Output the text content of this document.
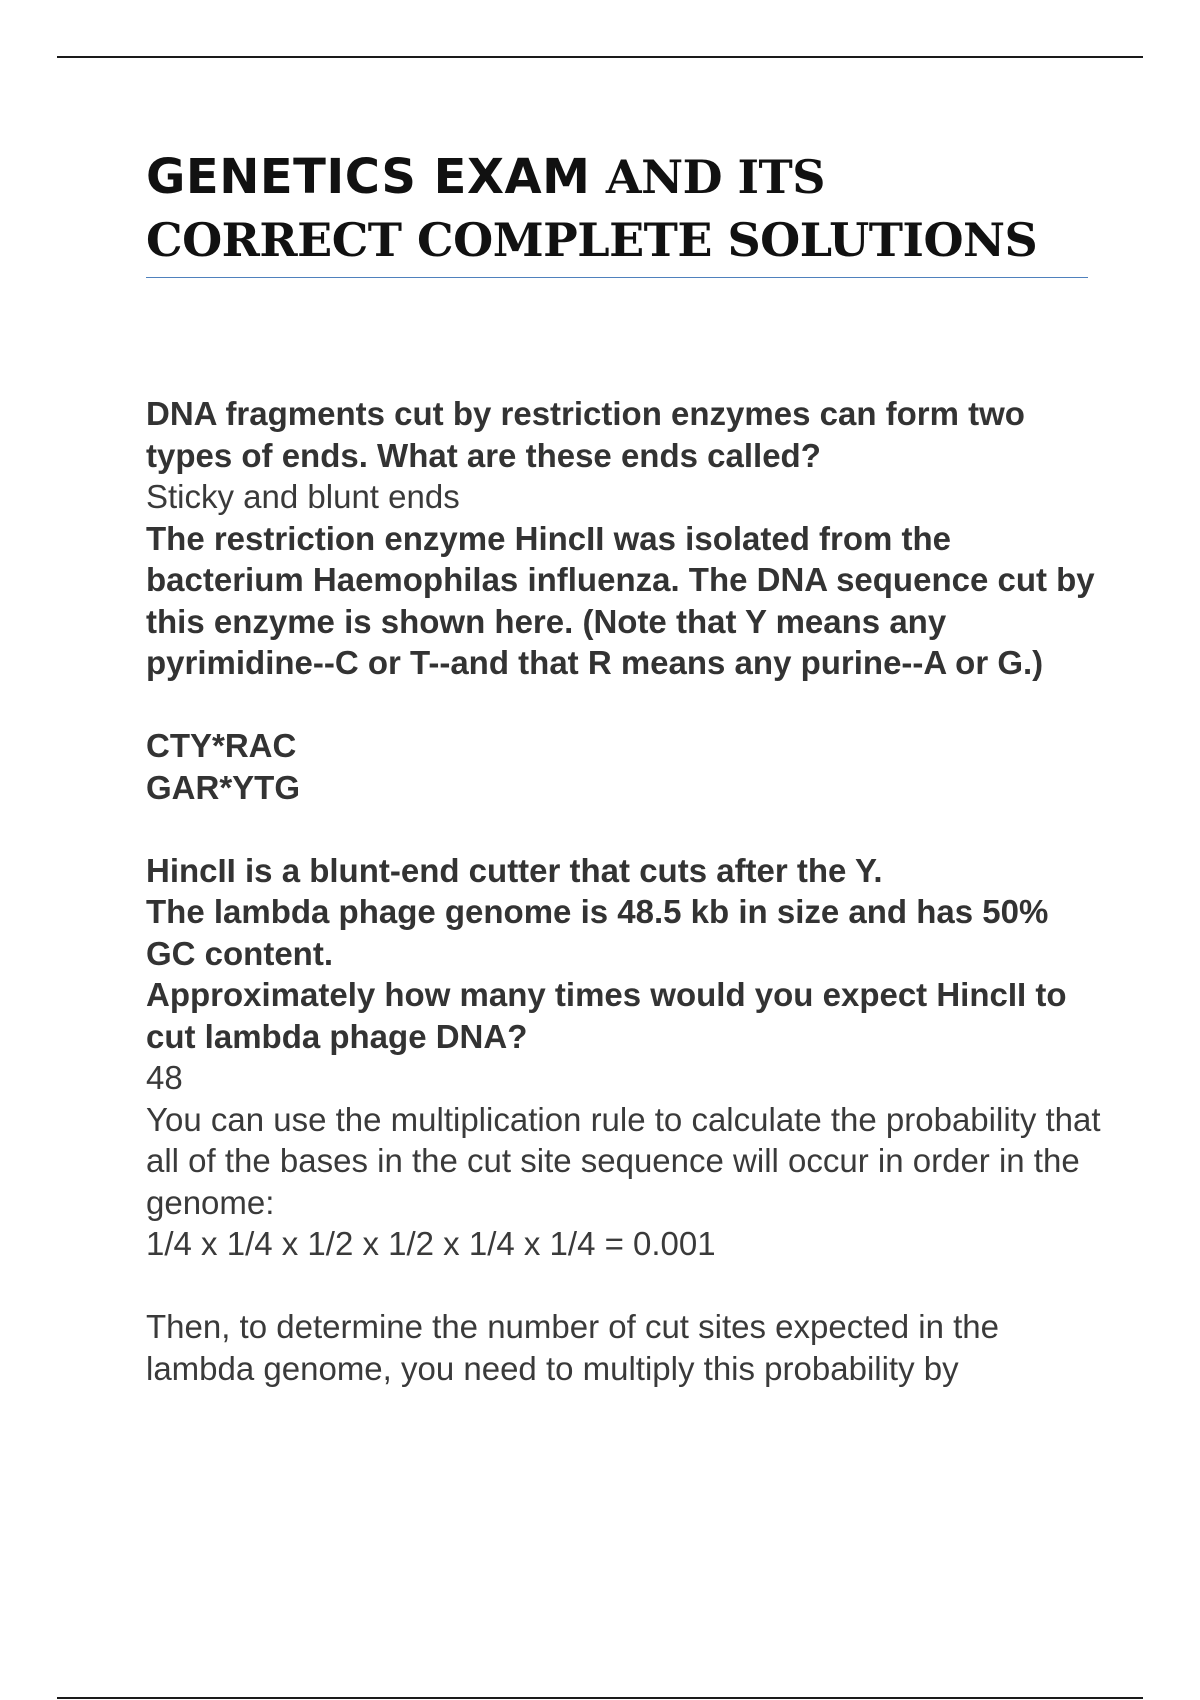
GENETICS EXAM AND ITS CORRECT COMPLETE SOLUTIONS
DNA fragments cut by restriction enzymes can form two types of ends. What are these ends called?
Sticky and blunt ends
The restriction enzyme HincII was isolated from the bacterium Haemophilas influenza. The DNA sequence cut by this enzyme is shown here. (Note that Y means any pyrimidine--C or T--and that R means any purine--A or G.)
CTY*RAC
GAR*YTG
HincII is a blunt-end cutter that cuts after the Y.
The lambda phage genome is 48.5 kb in size and has 50% GC content.
Approximately how many times would you expect HincII to cut lambda phage DNA?
48
You can use the multiplication rule to calculate the probability that all of the bases in the cut site sequence will occur in order in the genome:
1/4 x 1/4 x 1/2 x 1/2 x 1/4 x 1/4 = 0.001
Then, to determine the number of cut sites expected in the lambda genome, you need to multiply this probability by
